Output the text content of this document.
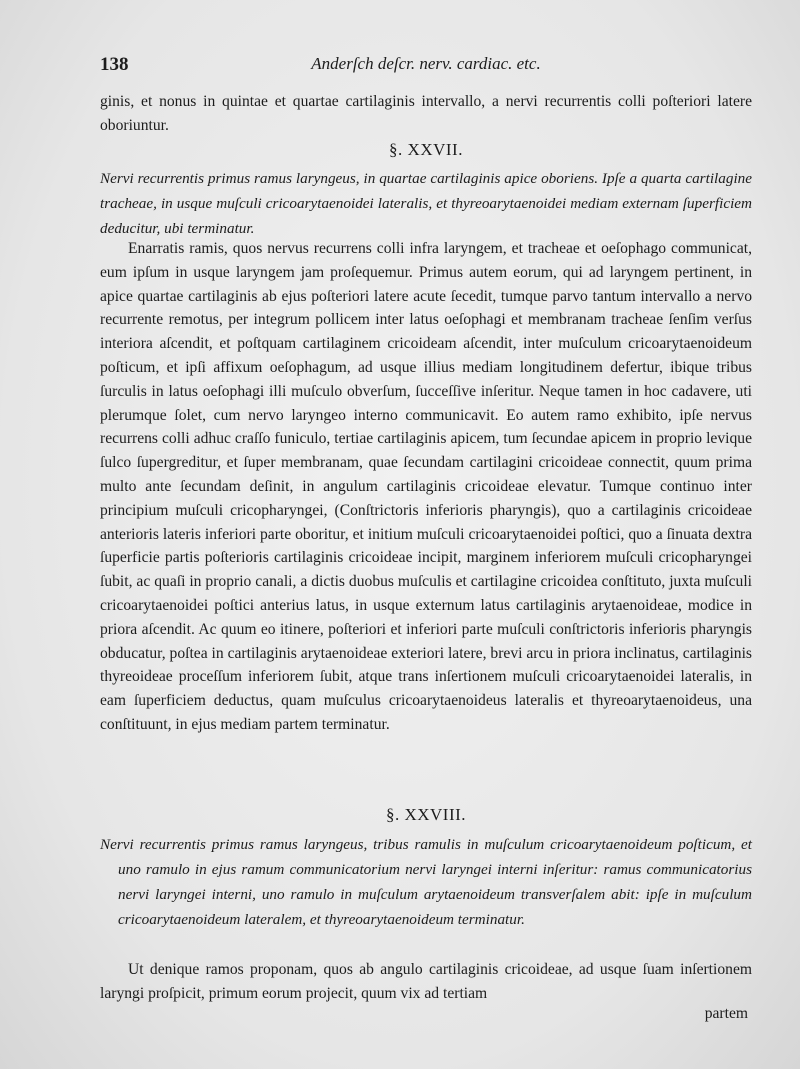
138	Anderſch deſcr. nerv. cardiac. etc.

ginis, et nonus in quintae et quartae cartilaginis intervallo, a nervi recurrentis colli poſteriori latere oboriuntur.

§. XXVII.

Nervi recurrentis primus ramus laryngeus, in quartae cartilaginis apice oboriens. Ipſe a quarta cartilagine tracheae, in usque muſculi cricoarytaenoidei lateralis, et thyreoarytaenoidei mediam externam ſuperficiem deducitur, ubi terminatur.

Enarratis ramis, quos nervus recurrens colli infra laryngem, et tracheae et oeſophago communicat, eum ipſum in usque laryngem jam proſequemur. Primus autem eorum, qui ad laryngem pertinent, in apice quartae cartilaginis ab ejus poſteriori latere acute ſecedit, tumque parvo tantum intervallo a nervo recurrente remotus, per integrum pollicem inter latus oeſophagi et membranam tracheae ſenſim verſus interiora aſcendit, et poſtquam cartilaginem cricoideam aſcendit, inter muſculum cricoarytaenoideum poſticum, et ipſi affixum oeſophagum, ad usque illius mediam longitudinem defertur, ibique tribus ſurculis in latus oeſophagi illi muſculo obverſum, ſucceſſive inſeritur. Neque tamen in hoc cadavere, uti plerumque ſolet, cum nervo laryngeo interno communicavit. Eo autem ramo exhibito, ipſe nervus recurrens colli adhuc craſſo funiculo, tertiae cartilaginis apicem, tum ſecundae apicem in proprio levique ſulco ſupergreditur, et ſuper membranam, quae ſecundam cartilagini cricoideae connectit, quum prima multo ante ſecundam deſinit, in angulum cartilaginis cricoideae elevatur. Tumque continuo inter principium muſculi cricopharyngei, (Conſtrictoris inferioris pharyngis), quo a cartilaginis cricoideae anterioris lateris inferiori parte oboritur, et initium muſculi cricoarytaenoidei poſtici, quo a ſinuata dextra ſuperficie partis poſterioris cartilaginis cricoideae incipit, marginem inferiorem muſculi cricopharyngei ſubit, ac quaſi in proprio canali, a dictis duobus muſculis et cartilagine cricoidea conſtituto, juxta muſculi cricoarytaenoidei poſtici anterius latus, in usque externum latus cartilaginis arytaenoideae, modice in priora aſcendit. Ac quum eo itinere, poſteriori et inferiori parte muſculi conſtrictoris inferioris pharyngis obducatur, poſtea in cartilaginis arytaenoideae exteriori latere, brevi arcu in priora inclinatus, cartilaginis thyreoideae proceſſum inferiorem ſubit, atque trans inſertionem muſculi cricoarytaenoidei lateralis, in eam ſuperficiem deductus, quam muſculus cricoarytaenoideus lateralis et thyreoarytaenoideus, una conſtituunt, in ejus mediam partem terminatur.

§. XXVIII.

Nervi recurrentis primus ramus laryngeus, tribus ramulis in muſculum cricoarytaenoideum poſticum, et uno ramulo in ejus ramum communicatorium nervi laryngei interni inſeritur: ramus communicatorius nervi laryngei interni, uno ramulo in muſculum arytaenoideum transverſalem abit: ipſe in muſculum cricoarytaenoideum lateralem, et thyreoarytaenoideum terminatur.

Ut denique ramos proponam, quos ab angulo cartilaginis cricoideae, ad usque ſuam inſertionem laryngi proſpicit, primum eorum projecit, quum vix ad tertiam

partem
